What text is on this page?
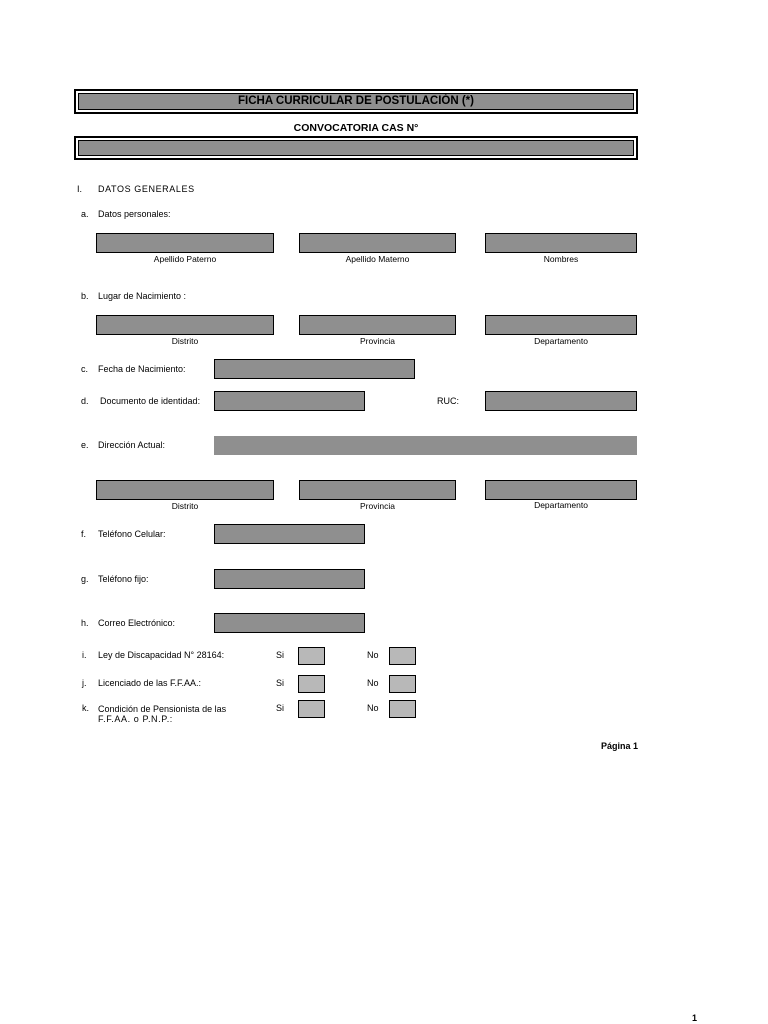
FICHA CURRICULAR DE POSTULACIÓN (*)
CONVOCATORIA CAS N°
I. DATOS GENERALES
a. Datos personales:
Apellido Paterno	Apellido Materno	Nombres
b. Lugar de Nacimiento :
Distrito	Provincia	Departamento
c. Fecha de Nacimiento:
d. Documento de identidad:	RUC:
e. Dirección Actual:
Distrito	Provincia	Departamento
f. Teléfono Celular:
g. Teléfono fijo:
h. Correo Electrónico:
i. Ley de Discapacidad N° 28164:	Si	No
j. Licenciado de las F.F.AA.:	Si	No
k. Condición de Pensionista de las
F.F.AA. o P.N.P.:
Si	No
Página 1
1
